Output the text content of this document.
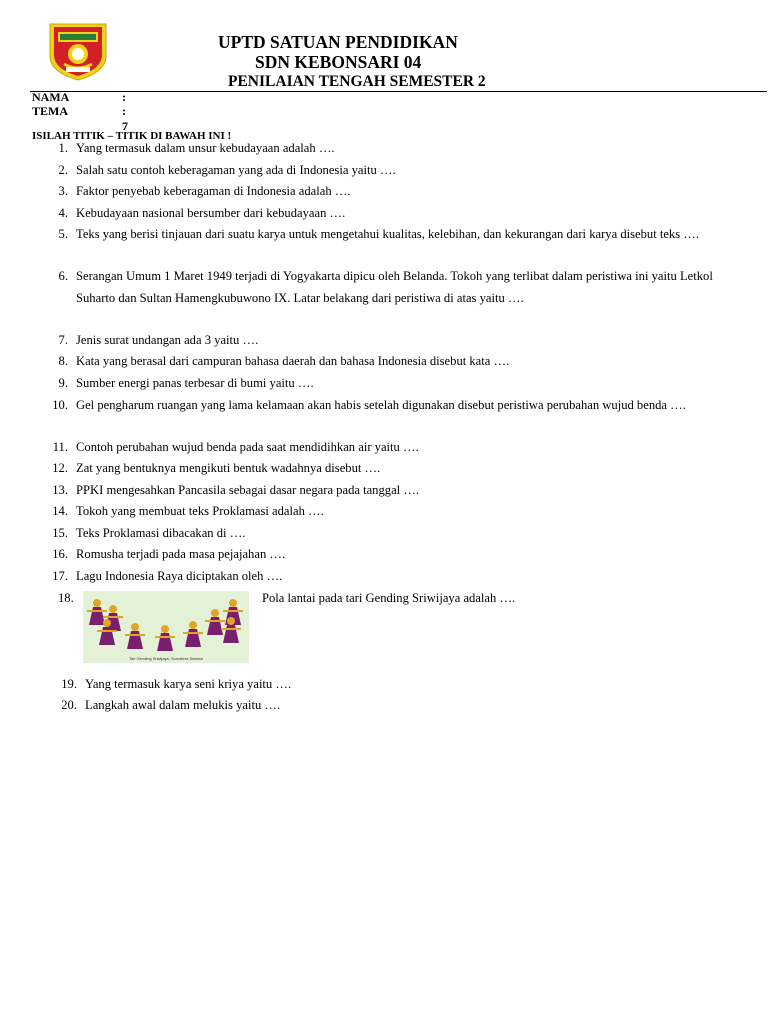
UPTD SATUAN PENDIDIKAN
SDN KEBONSARI 04
PENILAIAN TENGAH SEMESTER 2
NAMA	:
TEMA	: 7
ISILAH TITIK – TITIK DI BAWAH INI !
1. Yang termasuk dalam unsur kebudayaan adalah ….
2. Salah satu contoh keberagaman yang ada di Indonesia yaitu ….
3. Faktor penyebab keberagaman di Indonesia adalah ….
4. Kebudayaan nasional bersumber dari kebudayaan ….
5. Teks yang berisi tinjauan dari suatu karya untuk mengetahui kualitas, kelebihan, dan kekurangan dari karya disebut teks ….
6. Serangan Umum 1 Maret 1949 terjadi di Yogyakarta dipicu oleh Belanda. Tokoh yang terlibat dalam peristiwa ini yaitu Letkol Suharto dan Sultan Hamengkubuwono IX. Latar belakang dari peristiwa di atas yaitu ….
7. Jenis surat undangan ada 3 yaitu ….
8. Kata yang berasal dari campuran bahasa daerah dan bahasa Indonesia disebut kata ….
9. Sumber energi panas terbesar di bumi yaitu ….
10. Gel pengharum ruangan yang lama kelamaan akan habis setelah digunakan disebut peristiwa perubahan wujud benda ….
11. Contoh perubahan wujud benda pada saat mendidihkan air yaitu ….
12. Zat yang bentuknya mengikuti bentuk wadahnya disebut ….
13. PPKI mengesahkan Pancasila sebagai dasar negara pada tanggal ….
14. Tokoh yang membuat teks Proklamasi adalah ….
15. Teks Proklamasi dibacakan di ….
16. Romusha terjadi pada masa pejajahan ….
17. Lagu Indonesia Raya diciptakan oleh ….
18.
Tari Gending Sriwijaya, Sumatera Selatan
Pola lantai pada tari Gending Sriwijaya adalah ….
19. Yang termasuk karya seni kriya yaitu ….
20. Langkah awal dalam melukis yaitu ….
